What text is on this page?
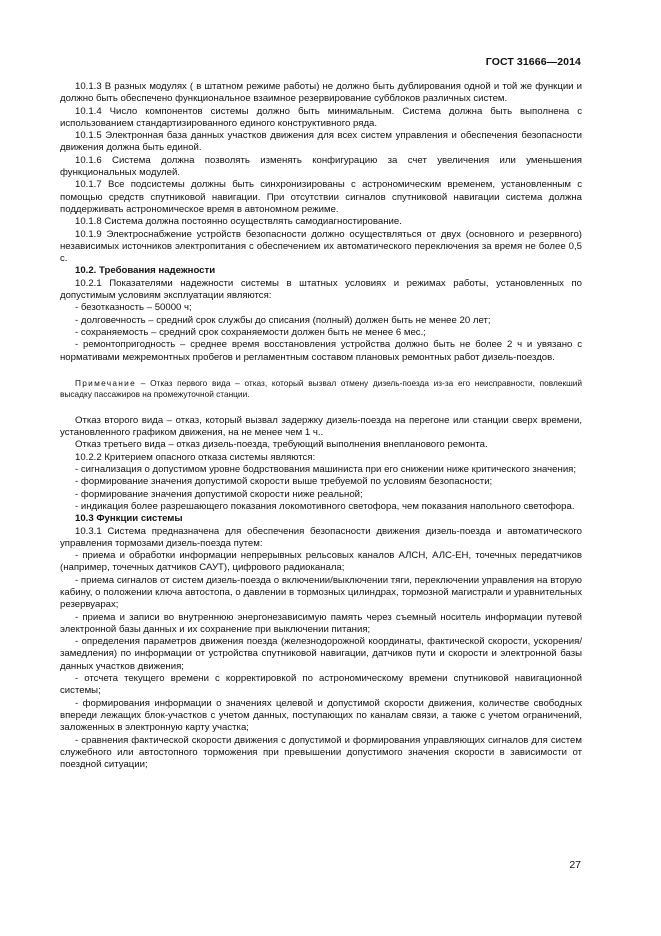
ГОСТ 31666—2014

10.1.3 В разных модулях ( в штатном режиме работы) не должно быть дублирования одной и той же функции и должно быть обеспечено функциональное взаимное резервирование субблоков различных систем.

10.1.4 Число компонентов системы должно быть минимальным. Система должна быть выполнена с использованием стандартизированного единого конструктивного ряда.

10.1.5 Электронная база данных участков движения для всех систем управления и обеспечения безопасности движения должна быть единой.

10.1.6 Система должна позволять изменять конфигурацию за счет увеличения или уменьшения функциональных модулей.

10.1.7 Все подсистемы должны быть синхронизированы с астрономическим временем, установленным с помощью средств спутниковой навигации. При отсутствии сигналов спутниковой навигации система должна поддерживать астрономическое время в автономном режиме.

10.1.8 Система должна постоянно осуществлять самодиагностирование.

10.1.9 Электроснабжение устройств безопасности должно осуществляться от двух (основного и резервного) независимых источников электропитания с обеспечением их автоматического переключения за время не более 0,5 с.

10.2. Требования надежности

10.2.1 Показателями надежности системы в штатных условиях и режимах работы, установленных по допустимым условиям эксплуатации являются:

- безотказность – 50000 ч;

- долговечность – средний срок службы до списания (полный) должен быть не менее 20 лет;

- сохраняемость – средний срок сохраняемости должен быть не менее 6 мес.;

- ремонтопригодность – среднее время восстановления устройства должно быть не более 2 ч и увязано с нормативами межремонтных пробегов и регламентным составом плановых ремонтных работ дизель-поездов.

Примечание – Отказ первого вида – отказ, который вызвал отмену дизель-поезда из-за его неисправности, повлекший высадку пассажиров на промежуточной станции.

Отказ второго вида – отказ, который вызвал задержку дизель-поезда на перегоне или станции сверх времени, установленного графиком движения, на не менее чем 1 ч..

Отказ третьего вида – отказ дизель-поезда, требующий выполнения внепланового ремонта.

10.2.2 Критерием опасного отказа системы являются:

- сигнализация о допустимом уровне бодрствования машиниста при его снижении ниже критического значения;

- формирование значения допустимой скорости выше требуемой по условиям безопасности;

- формирование значения допустимой скорости ниже реальной;

- индикация более разрешающего показания локомотивного светофора, чем показания напольного светофора.

10.3 Функции системы

10.3.1 Система предназначена для обеспечения безопасности движения дизель-поезда и автоматического управления тормозами дизель-поезда путем:

- приема и обработки информации непрерывных рельсовых каналов АЛСН, АЛС-ЕН, точечных передатчиков (например, точечных датчиков САУТ), цифрового радиоканала;

- приема сигналов от систем дизель-поезда о включении/выключении тяги, переключении управления на вторую кабину, о положении ключа автостопа, о давлении в тормозных цилиндрах, тормозной магистрали и уравнительных резервуарах;

- приема и записи во внутреннюю энергонезависимую память через съемный носитель информации путевой электронной базы данных и их сохранение при выключении питания;

- определения параметров движения поезда (железнодорожной координаты, фактической скорости, ускорения/замедления) по информации от устройства спутниковой навигации, датчиков пути и скорости и электронной базы данных участков движения;

- отсчета текущего времени с корректировкой по астрономическому времени спутниковой навигационной системы;

- формирования информации о значениях целевой и допустимой скорости движения, количестве свободных впереди лежащих блок-участков с учетом данных, поступающих по каналам связи, а также с учетом ограничений, заложенных в электронную карту участка;

- сравнения фактической скорости движения с допустимой и формирования управляющих сигналов для систем служебного или автостопного торможения при превышении допустимого значения скорости в зависимости от поездной ситуации;

27
